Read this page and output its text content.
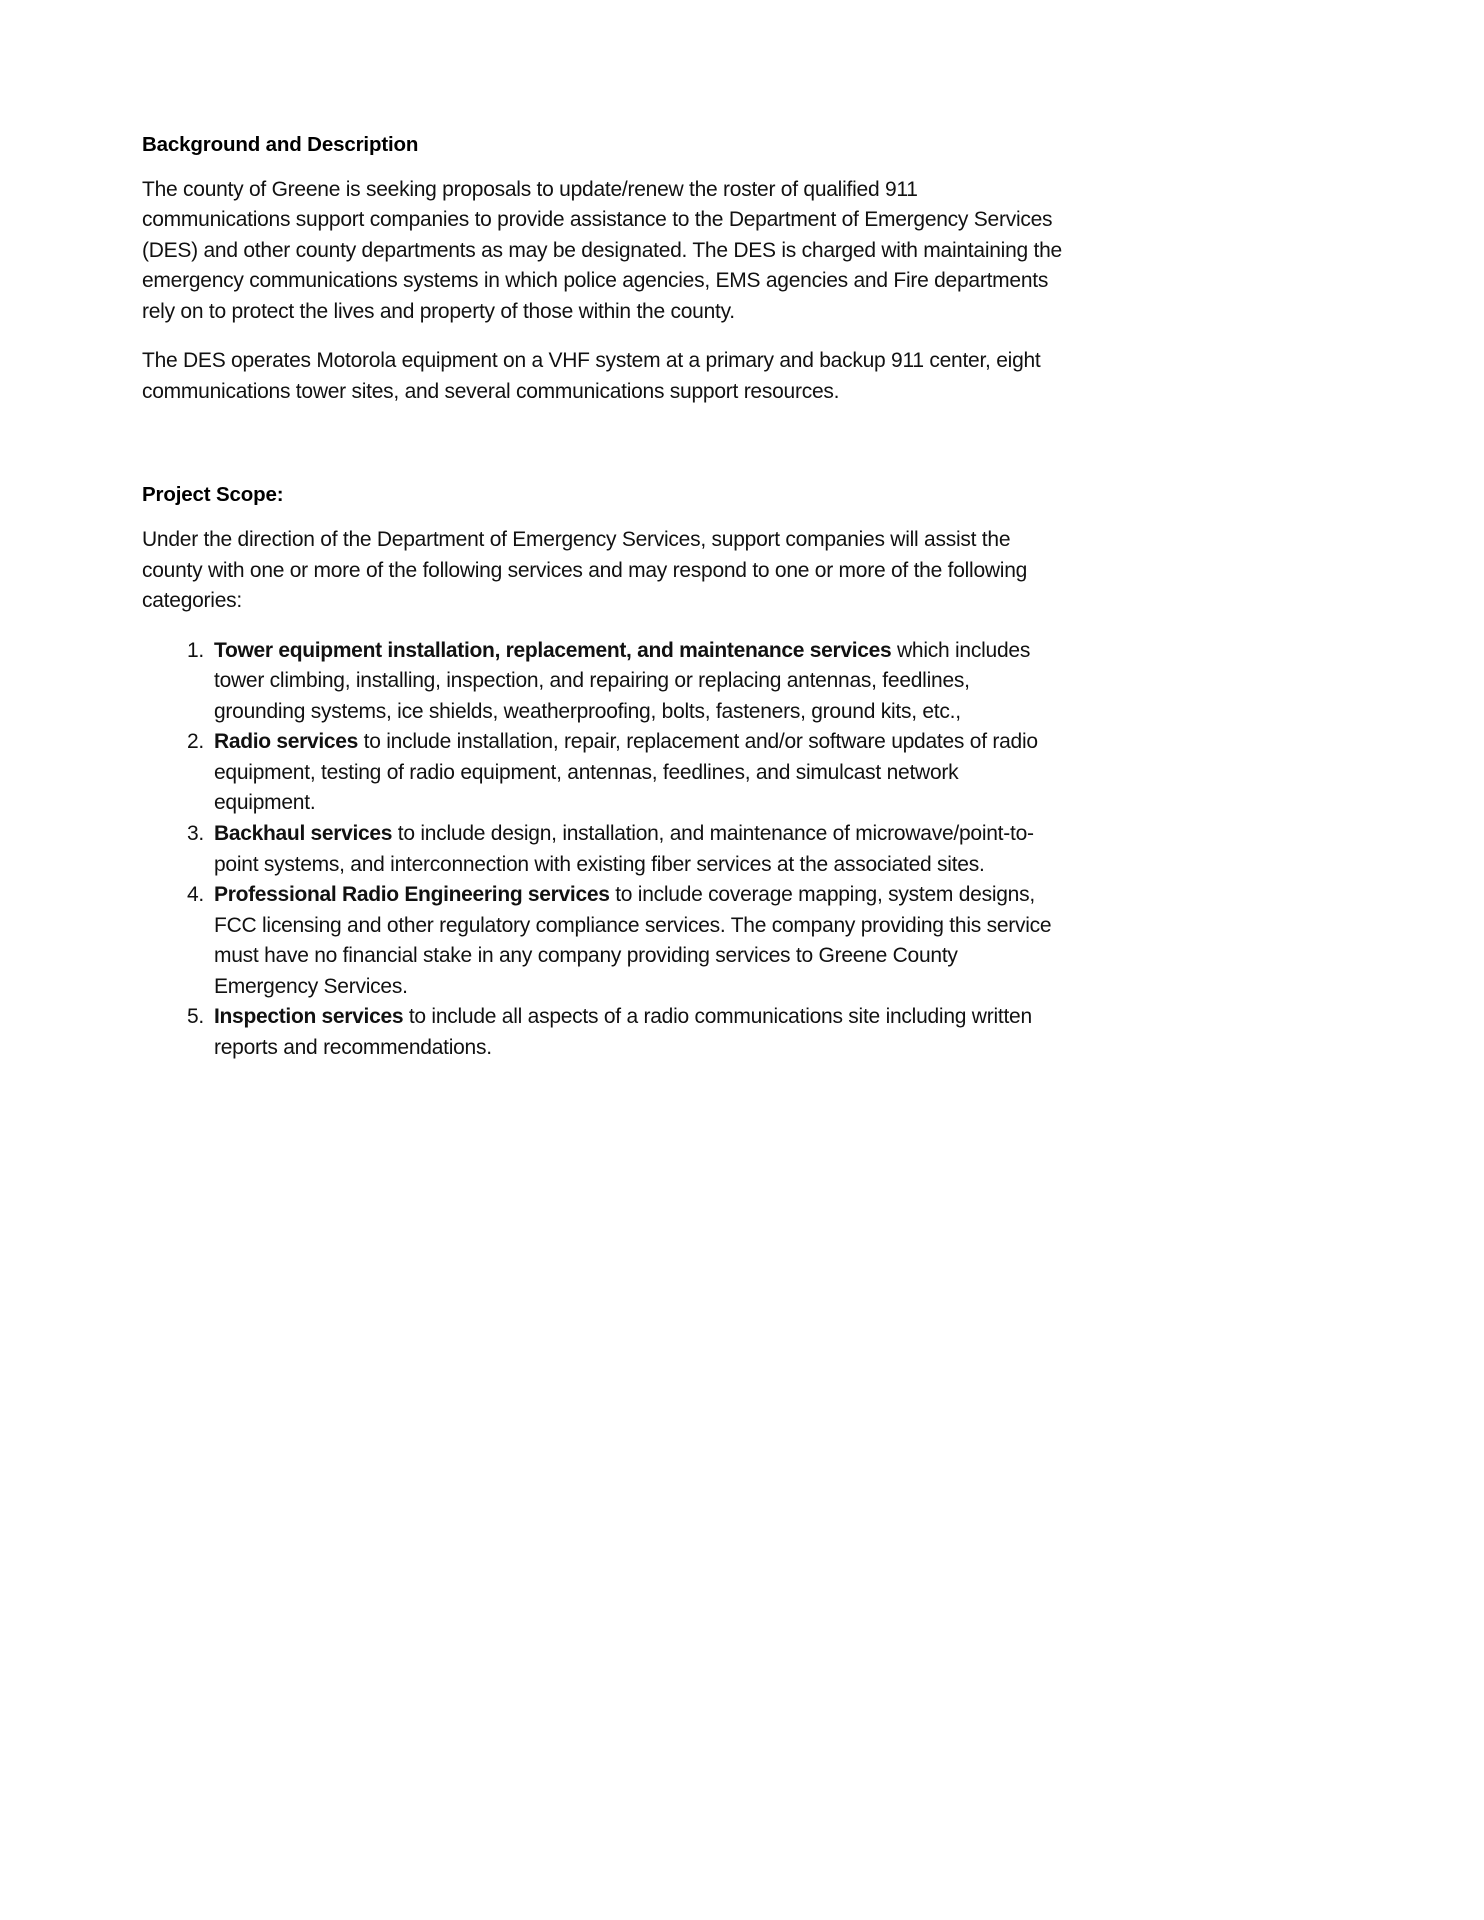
Background and Description

The county of Greene is seeking proposals to update/renew the roster of qualified 911 communications support companies to provide assistance to the Department of Emergency Services (DES) and other county departments as may be designated. The DES is charged with maintaining the emergency communications systems in which police agencies, EMS agencies and Fire departments rely on to protect the lives and property of those within the county.

The DES operates Motorola equipment on a VHF system at a primary and backup 911 center, eight communications tower sites, and several communications support resources.

Project Scope:

Under the direction of the Department of Emergency Services, support companies will assist the county with one or more of the following services and may respond to one or more of the following categories:

Tower equipment installation, replacement, and maintenance services which includes tower climbing, installing, inspection, and repairing or replacing antennas, feedlines, grounding systems, ice shields, weatherproofing, bolts, fasteners, ground kits, etc.,
Radio services to include installation, repair, replacement and/or software updates of radio equipment, testing of radio equipment, antennas, feedlines, and simulcast network equipment.
Backhaul services to include design, installation, and maintenance of microwave/point-to-point systems, and interconnection with existing fiber services at the associated sites.
Professional Radio Engineering services to include coverage mapping, system designs, FCC licensing and other regulatory compliance services. The company providing this service must have no financial stake in any company providing services to Greene County Emergency Services.
Inspection services to include all aspects of a radio communications site including written reports and recommendations.
